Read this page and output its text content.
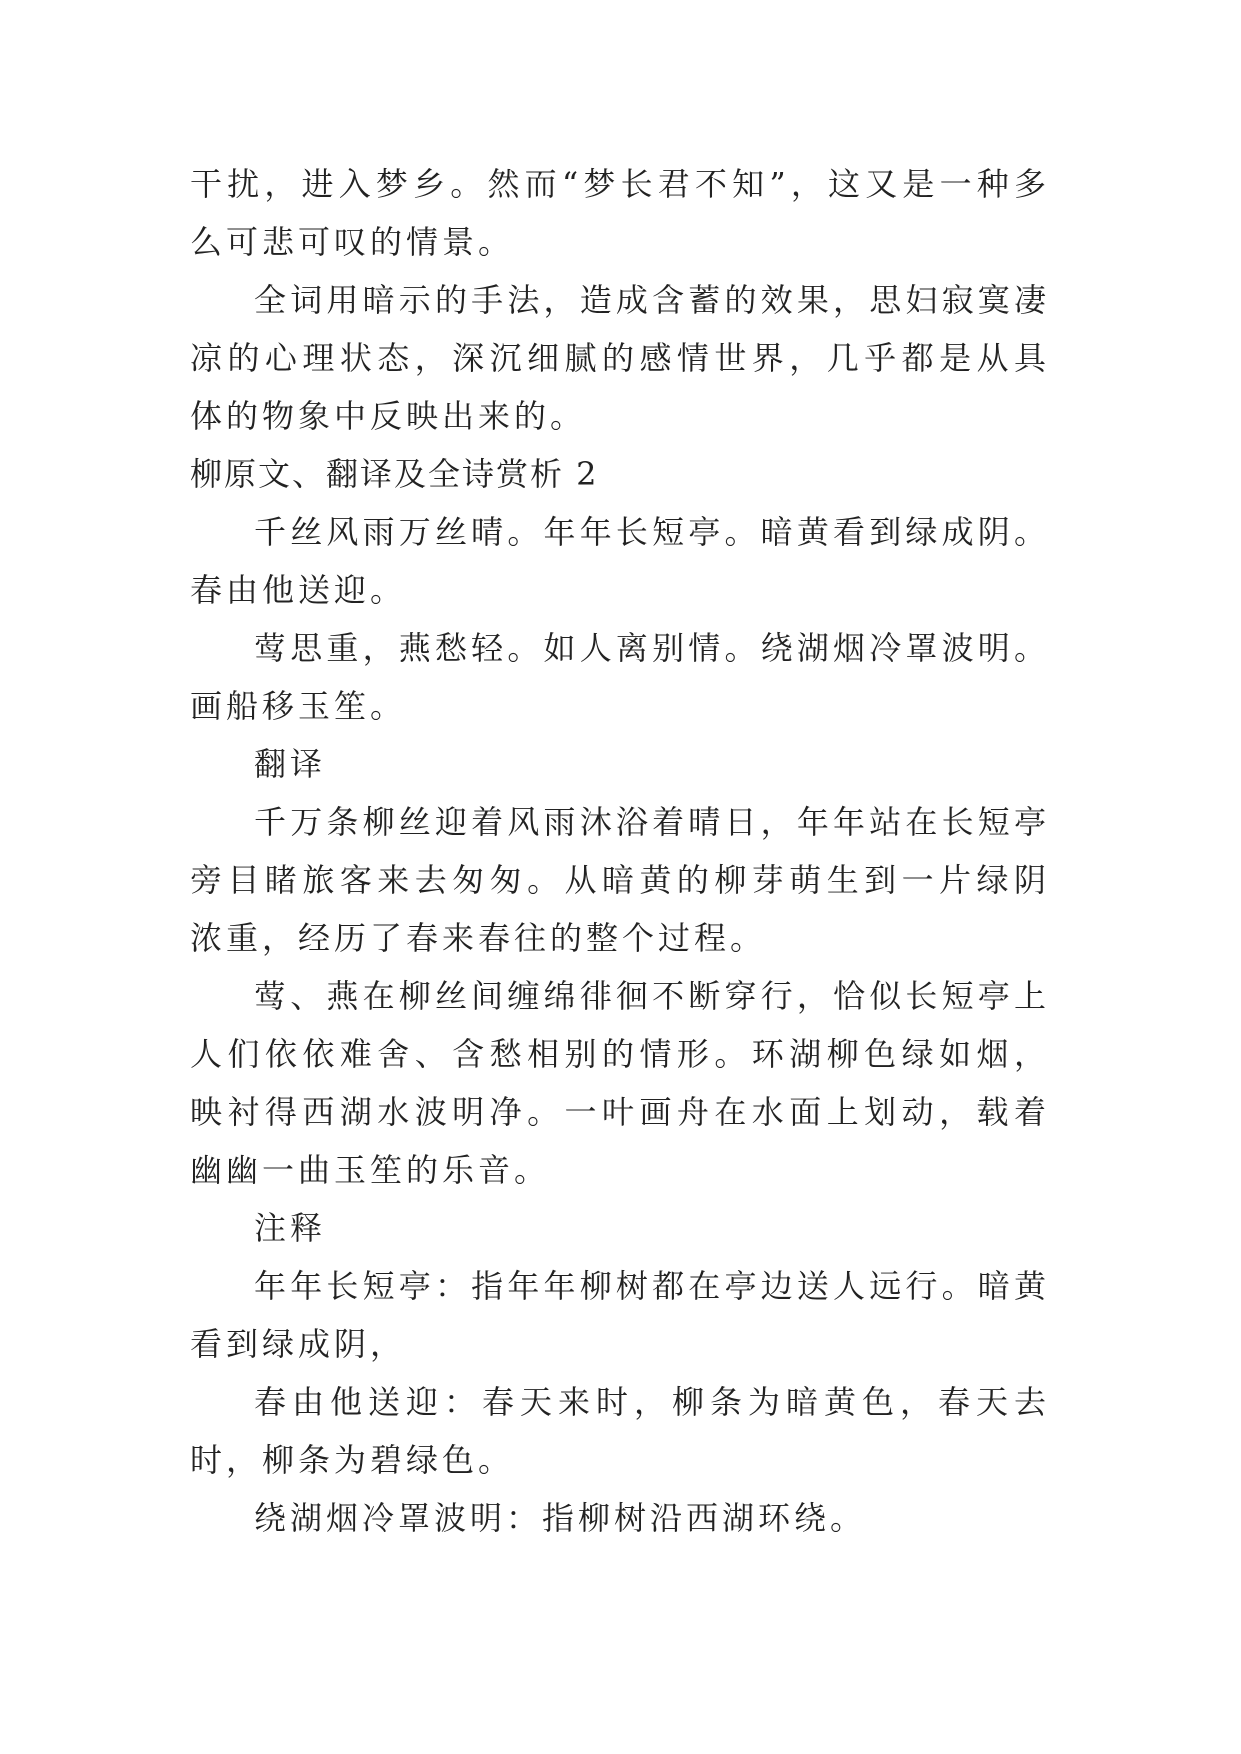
干扰，进入梦乡。然而“梦长君不知”，这又是一种多么可悲可叹的情景。

全词用暗示的手法，造成含蓄的效果，思妇寂寞凄凉的心理状态，深沉细腻的感情世界，几乎都是从具体的物象中反映出来的。

柳原文、翻译及全诗赏析 2

千丝风雨万丝晴。年年长短亭。暗黄看到绿成阴。春由他送迎。

莺思重，燕愁轻。如人离别情。绕湖烟冷罩波明。画船移玉笙。

翻译

千万条柳丝迎着风雨沐浴着晴日，年年站在长短亭旁目睹旅客来去匆匆。从暗黄的柳芽萌生到一片绿阴浓重，经历了春来春往的整个过程。

莺、燕在柳丝间缠绵徘徊不断穿行，恰似长短亭上人们依依难舍、含愁相别的情形。环湖柳色绿如烟，映衬得西湖水波明净。一叶画舟在水面上划动，载着幽幽一曲玉笙的乐音。

注释

年年长短亭：指年年柳树都在亭边送人远行。暗黄看到绿成阴，

春由他送迎：春天来时，柳条为暗黄色，春天去时，柳条为碧绿色。

绕湖烟冷罩波明：指柳树沿西湖环绕。
